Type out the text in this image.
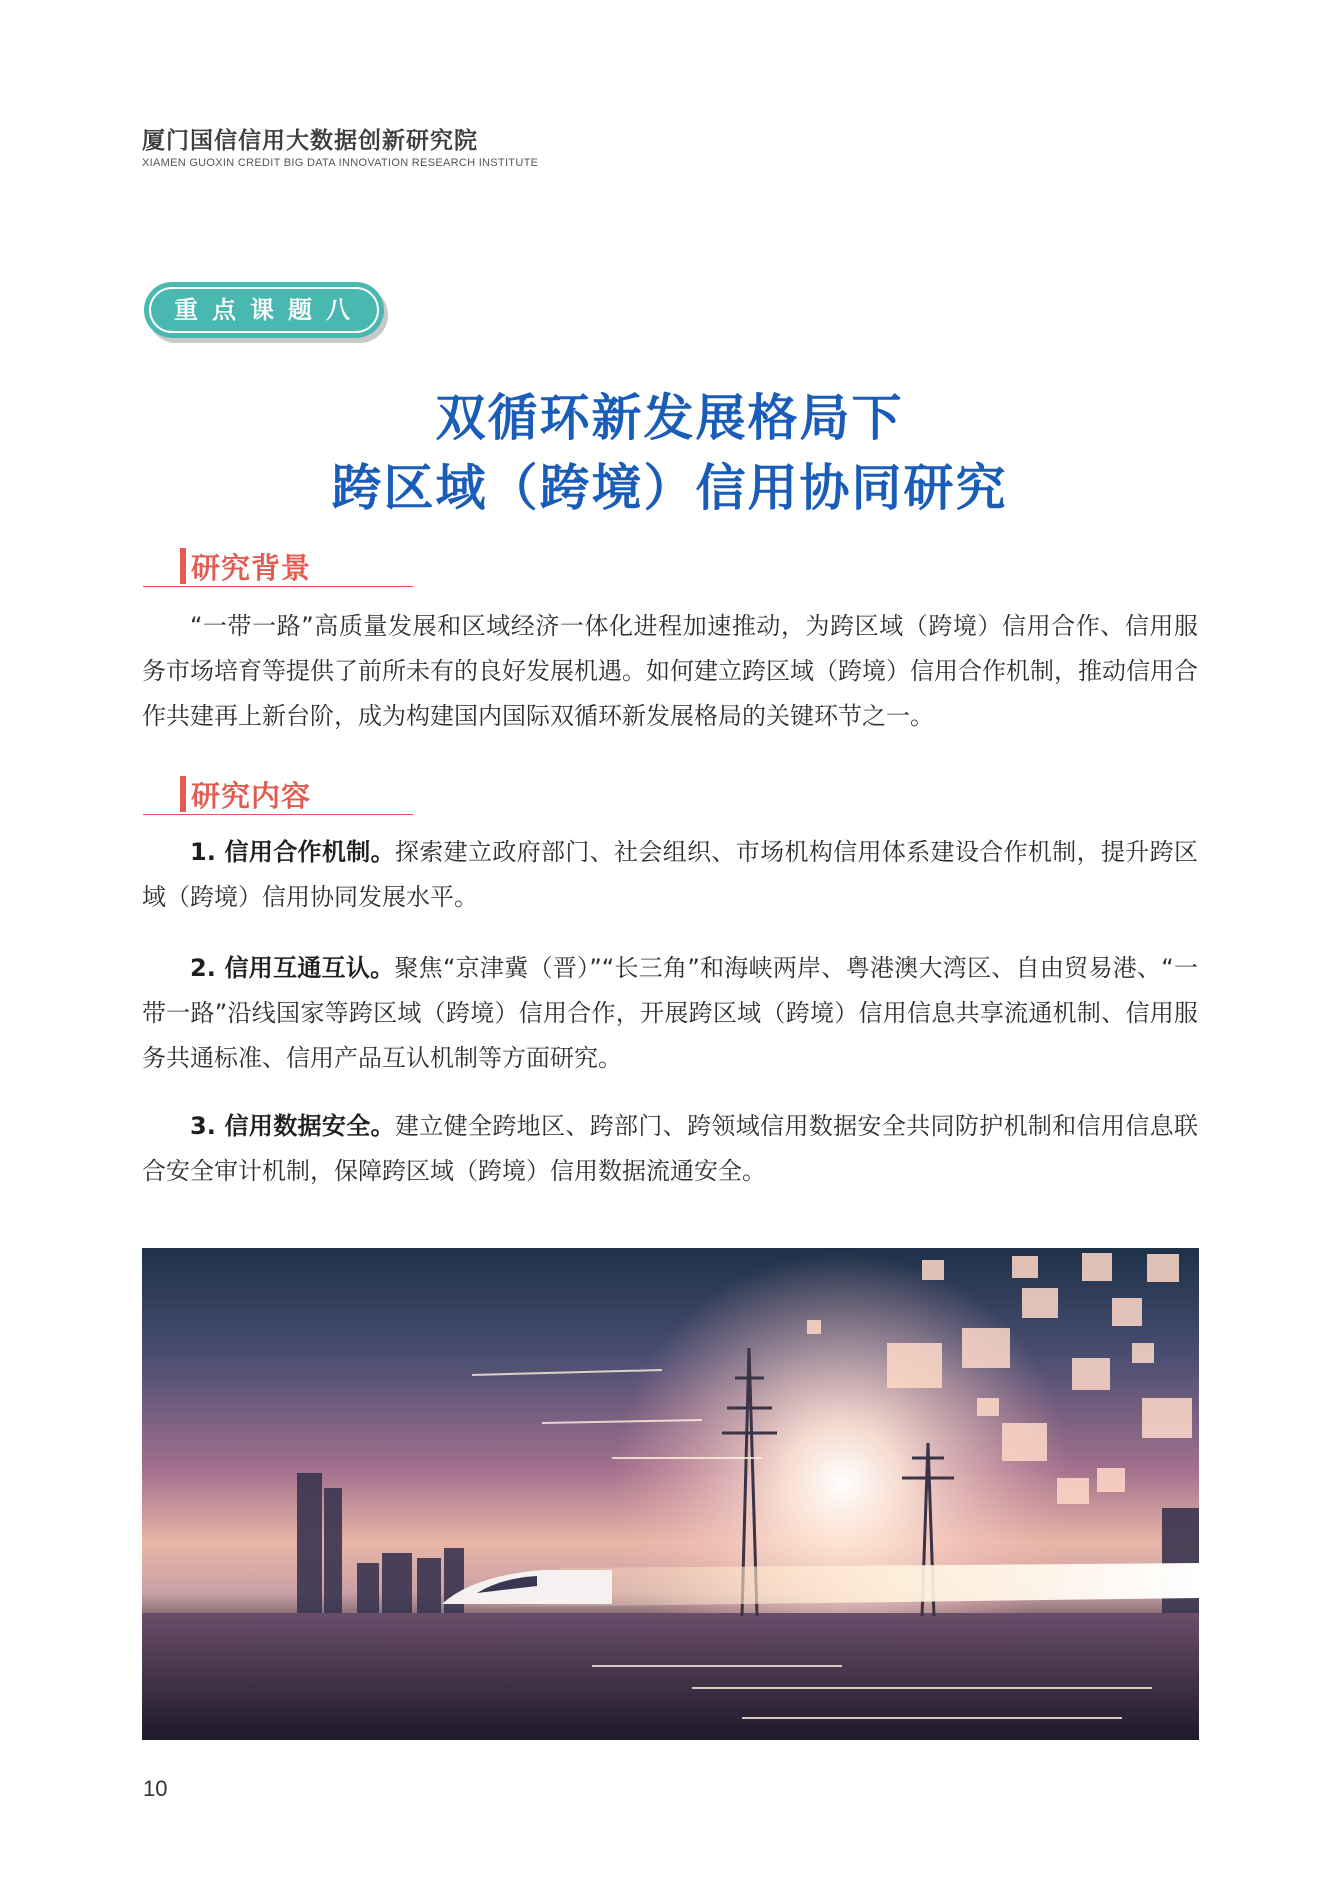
厦门国信信用大数据创新研究院
XIAMEN GUOXIN CREDIT BIG DATA INNOVATION RESEARCH INSTITUTE
重点课题八
双循环新发展格局下
跨区域（跨境）信用协同研究
研究背景
“一带一路”高质量发展和区域经济一体化进程加速推动，为跨区域（跨境）信用合作、信用服务市场培育等提供了前所未有的良好发展机遇。如何建立跨区域（跨境）信用合作机制，推动信用合作共建再上新台阶，成为构建国内国际双循环新发展格局的关键环节之一。
研究内容
1. 信用合作机制。探索建立政府部门、社会组织、市场机构信用体系建设合作机制，提升跨区域（跨境）信用协同发展水平。
2. 信用互通互认。聚焦“京津冀（晋）”“长三角”和海峡两岸、粤港澳大湾区、自由贸易港、“一带一路”沿线国家等跨区域（跨境）信用合作，开展跨区域（跨境）信用信息共享流通机制、信用服务共通标准、信用产品互认机制等方面研究。
3. 信用数据安全。建立健全跨地区、跨部门、跨领域信用数据安全共同防护机制和信用信息联合安全审计机制，保障跨区域（跨境）信用数据流通安全。
10
